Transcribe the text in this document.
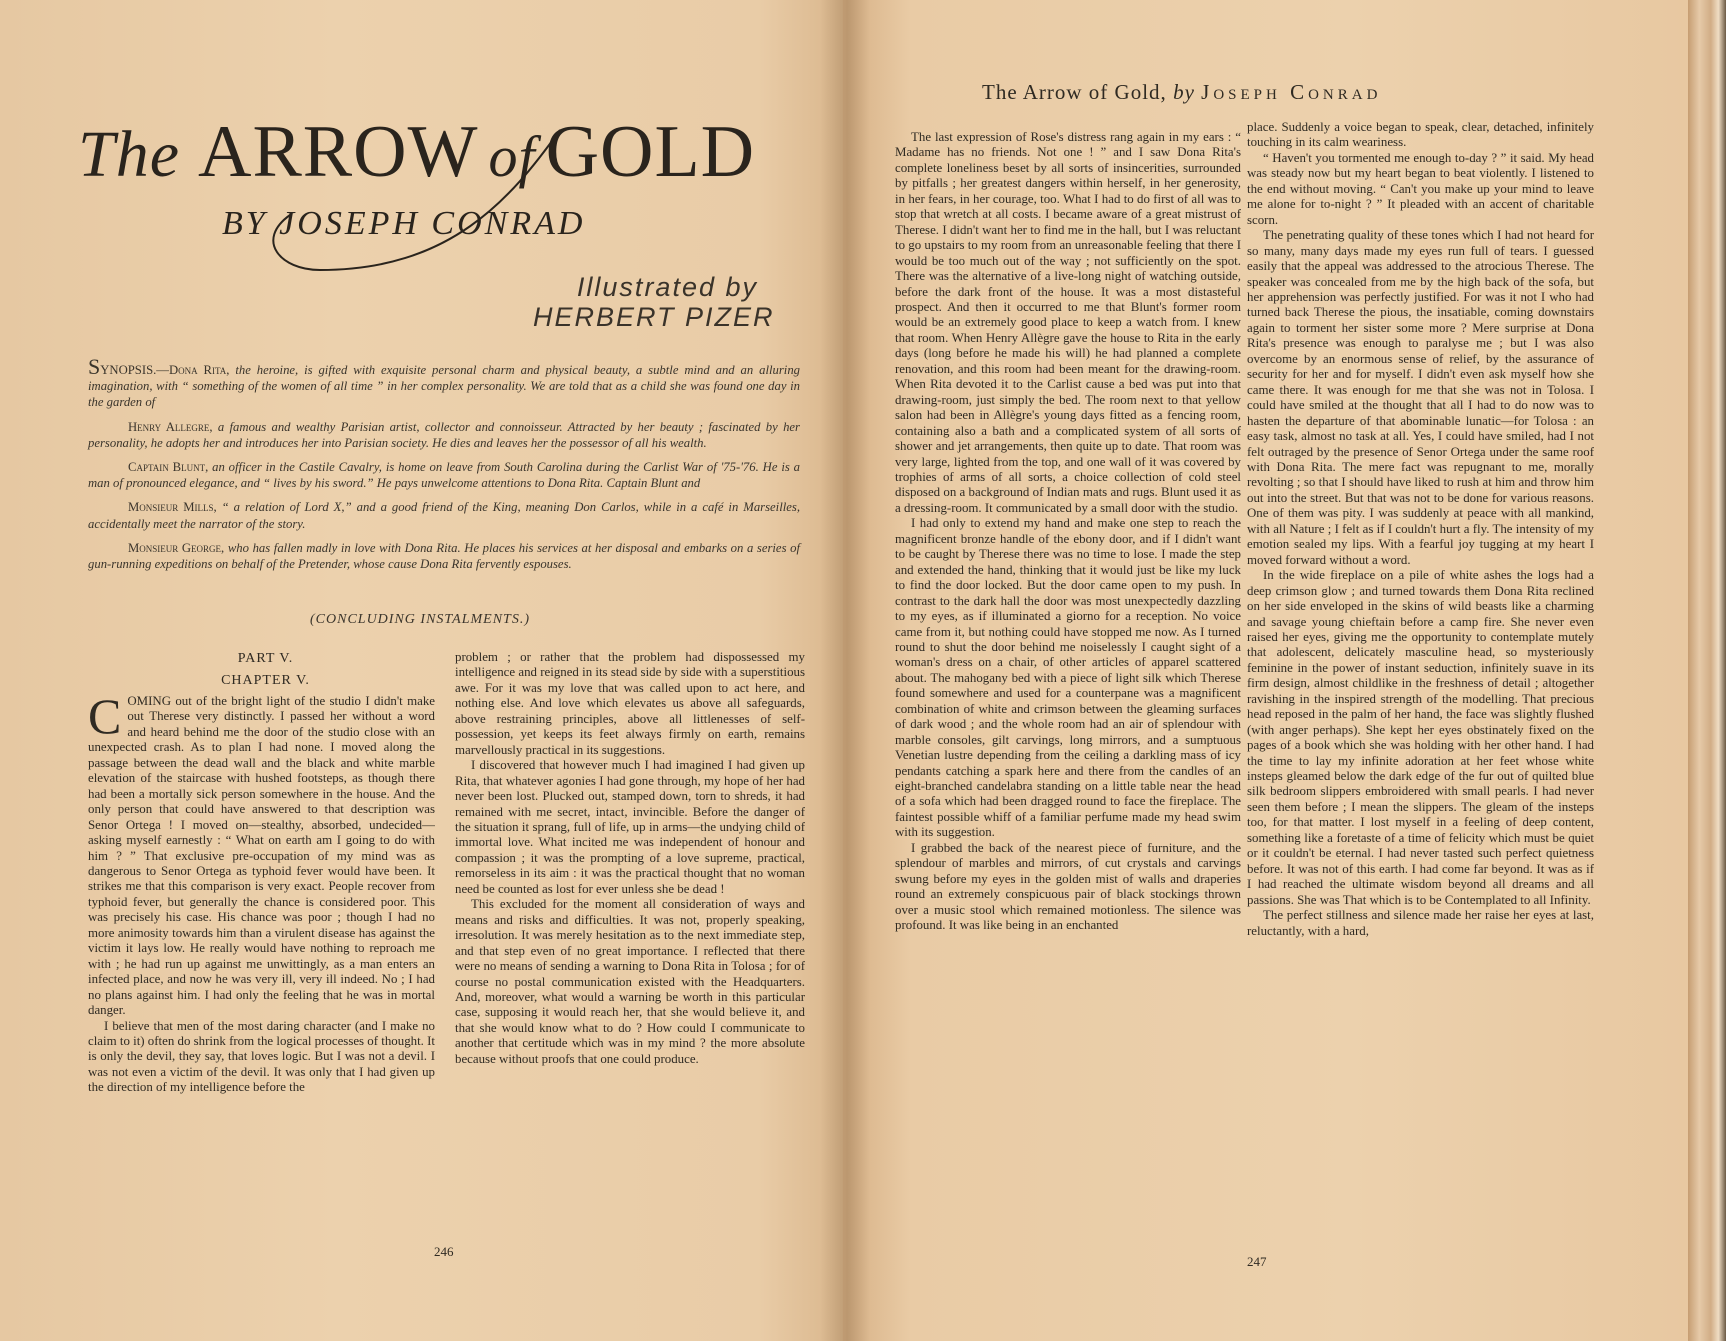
The ARROW of GOLD
BY JOSEPH CONRAD
Illustrated by
HERBERT PIZER

SYNOPSIS.—Dona Rita, the heroine, is gifted with exquisite personal charm and physical beauty, a subtle mind and an alluring imagination, with “ something of the women of all time ” in her complex personality. We are told that as a child she was found one day in the garden of

Henry Allegre, a famous and wealthy Parisian artist, collector and connoisseur. Attracted by her beauty ; fascinated by her personality, he adopts her and introduces her into Parisian society. He dies and leaves her the possessor of all his wealth.

Captain Blunt, an officer in the Castile Cavalry, is home on leave from South Carolina during the Carlist War of '75-'76. He is a man of pronounced elegance, and “ lives by his sword.” He pays unwelcome attentions to Dona Rita. Captain Blunt and

Monsieur Mills, “ a relation of Lord X,” and a good friend of the King, meaning Don Carlos, while in a café in Marseilles, accidentally meet the narrator of the story.

Monsieur George, who has fallen madly in love with Dona Rita. He places his services at her disposal and embarks on a series of gun-running expeditions on behalf of the Pretender, whose cause Dona Rita fervently espouses.

(CONCLUDING INSTALMENTS.)
PART V.
CHAPTER V.

COMING out of the bright light of the studio I didn't make out Therese very distinctly. I passed her without a word and heard behind me the door of the studio close with an unexpected crash. As to plan I had none. I moved along the passage between the dead wall and the black and white marble elevation of the staircase with hushed footsteps, as though there had been a mortally sick person somewhere in the house. And the only person that could have answered to that description was Senor Ortega ! I moved on—stealthy, absorbed, undecided—asking myself earnestly : “ What on earth am I going to do with him ? ” That exclusive pre-occupation of my mind was as dangerous to Senor Ortega as typhoid fever would have been. It strikes me that this comparison is very exact. People recover from typhoid fever, but generally the chance is considered poor. This was precisely his case. His chance was poor ; though I had no more animosity towards him than a virulent disease has against the victim it lays low. He really would have nothing to reproach me with ; he had run up against me unwittingly, as a man enters an infected place, and now he was very ill, very ill indeed. No ; I had no plans against him. I had only the feeling that he was in mortal danger.

I believe that men of the most daring character (and I make no claim to it) often do shrink from the logical processes of thought. It is only the devil, they say, that loves logic. But I was not a devil. I was not even a victim of the devil. It was only that I had given up the direction of my intelligence before the

problem ; or rather that the problem had dispossessed my intelligence and reigned in its stead side by side with a superstitious awe. For it was my love that was called upon to act here, and nothing else. And love which elevates us above all safeguards, above restraining principles, above all littlenesses of self-possession, yet keeps its feet always firmly on earth, remains marvellously practical in its suggestions.

I discovered that however much I had imagined I had given up Rita, that whatever agonies I had gone through, my hope of her had never been lost. Plucked out, stamped down, torn to shreds, it had remained with me secret, intact, invincible. Before the danger of the situation it sprang, full of life, up in arms—the undying child of immortal love. What incited me was independent of honour and compassion ; it was the prompting of a love supreme, practical, remorseless in its aim : it was the practical thought that no woman need be counted as lost for ever unless she be dead !

This excluded for the moment all consideration of ways and means and risks and difficulties. It was not, properly speaking, irresolution. It was merely hesitation as to the next immediate step, and that step even of no great importance. I reflected that there were no means of sending a warning to Dona Rita in Tolosa ; for of course no postal communication existed with the Headquarters. And, moreover, what would a warning be worth in this particular case, supposing it would reach her, that she would believe it, and that she would know what to do ? How could I communicate to another that certitude which was in my mind ? the more absolute because without proofs that one could produce.

246
The Arrow of Gold, by Joseph Conrad

The last expression of Rose's distress rang again in my ears : “ Madame has no friends. Not one ! ” and I saw Dona Rita's complete loneliness beset by all sorts of insincerities, surrounded by pitfalls ; her greatest dangers within herself, in her generosity, in her fears, in her courage, too. What I had to do first of all was to stop that wretch at all costs. I became aware of a great mistrust of Therese. I didn't want her to find me in the hall, but I was reluctant to go upstairs to my room from an unreasonable feeling that there I would be too much out of the way ; not sufficiently on the spot. There was the alternative of a live-long night of watching outside, before the dark front of the house. It was a most distasteful prospect. And then it occurred to me that Blunt's former room would be an extremely good place to keep a watch from. I knew that room. When Henry Allègre gave the house to Rita in the early days (long before he made his will) he had planned a complete renovation, and this room had been meant for the drawing-room. When Rita devoted it to the Carlist cause a bed was put into that drawing-room, just simply the bed. The room next to that yellow salon had been in Allègre's young days fitted as a fencing room, containing also a bath and a complicated system of all sorts of shower and jet arrangements, then quite up to date. That room was very large, lighted from the top, and one wall of it was covered by trophies of arms of all sorts, a choice collection of cold steel disposed on a background of Indian mats and rugs. Blunt used it as a dressing-room. It communicated by a small door with the studio.

I had only to extend my hand and make one step to reach the magnificent bronze handle of the ebony door, and if I didn't want to be caught by Therese there was no time to lose. I made the step and extended the hand, thinking that it would just be like my luck to find the door locked. But the door came open to my push. In contrast to the dark hall the door was most unexpectedly dazzling to my eyes, as if illuminated a giorno for a reception. No voice came from it, but nothing could have stopped me now. As I turned round to shut the door behind me noiselessly I caught sight of a woman's dress on a chair, of other articles of apparel scattered about. The mahogany bed with a piece of light silk which Therese found somewhere and used for a counterpane was a magnificent combination of white and crimson between the gleaming surfaces of dark wood ; and the whole room had an air of splendour with marble consoles, gilt carvings, long mirrors, and a sumptuous Venetian lustre depending from the ceiling a darkling mass of icy pendants catching a spark here and there from the candles of an eight-branched candelabra standing on a little table near the head of a sofa which had been dragged round to face the fireplace. The faintest possible whiff of a familiar perfume made my head swim with its suggestion.

I grabbed the back of the nearest piece of furniture, and the splendour of marbles and mirrors, of cut crystals and carvings swung before my eyes in the golden mist of walls and draperies round an extremely conspicuous pair of black stockings thrown over a music stool which remained motionless. The silence was profound. It was like being in an enchanted

place. Suddenly a voice began to speak, clear, detached, infinitely touching in its calm weariness.

“ Haven't you tormented me enough to-day ? ” it said. My head was steady now but my heart began to beat violently. I listened to the end without moving. “ Can't you make up your mind to leave me alone for to-night ? ” It pleaded with an accent of charitable scorn.

The penetrating quality of these tones which I had not heard for so many, many days made my eyes run full of tears. I guessed easily that the appeal was addressed to the atrocious Therese. The speaker was concealed from me by the high back of the sofa, but her apprehension was perfectly justified. For was it not I who had turned back Therese the pious, the insatiable, coming downstairs again to torment her sister some more ? Mere surprise at Dona Rita's presence was enough to paralyse me ; but I was also overcome by an enormous sense of relief, by the assurance of security for her and for myself. I didn't even ask myself how she came there. It was enough for me that she was not in Tolosa. I could have smiled at the thought that all I had to do now was to hasten the departure of that abominable lunatic—for Tolosa : an easy task, almost no task at all. Yes, I could have smiled, had I not felt outraged by the presence of Senor Ortega under the same roof with Dona Rita. The mere fact was repugnant to me, morally revolting ; so that I should have liked to rush at him and throw him out into the street. But that was not to be done for various reasons. One of them was pity. I was suddenly at peace with all mankind, with all Nature ; I felt as if I couldn't hurt a fly. The intensity of my emotion sealed my lips. With a fearful joy tugging at my heart I moved forward without a word.

In the wide fireplace on a pile of white ashes the logs had a deep crimson glow ; and turned towards them Dona Rita reclined on her side enveloped in the skins of wild beasts like a charming and savage young chieftain before a camp fire. She never even raised her eyes, giving me the opportunity to contemplate mutely that adolescent, delicately masculine head, so mysteriously feminine in the power of instant seduction, infinitely suave in its firm design, almost childlike in the freshness of detail ; altogether ravishing in the inspired strength of the modelling. That precious head reposed in the palm of her hand, the face was slightly flushed (with anger perhaps). She kept her eyes obstinately fixed on the pages of a book which she was holding with her other hand. I had the time to lay my infinite adoration at her feet whose white insteps gleamed below the dark edge of the fur out of quilted blue silk bedroom slippers embroidered with small pearls. I had never seen them before ; I mean the slippers. The gleam of the insteps too, for that matter. I lost myself in a feeling of deep content, something like a foretaste of a time of felicity which must be quiet or it couldn't be eternal. I had never tasted such perfect quietness before. It was not of this earth. I had come far beyond. It was as if I had reached the ultimate wisdom beyond all dreams and all passions. She was That which is to be Contemplated to all Infinity.

The perfect stillness and silence made her raise her eyes at last, reluctantly, with a hard,

247
